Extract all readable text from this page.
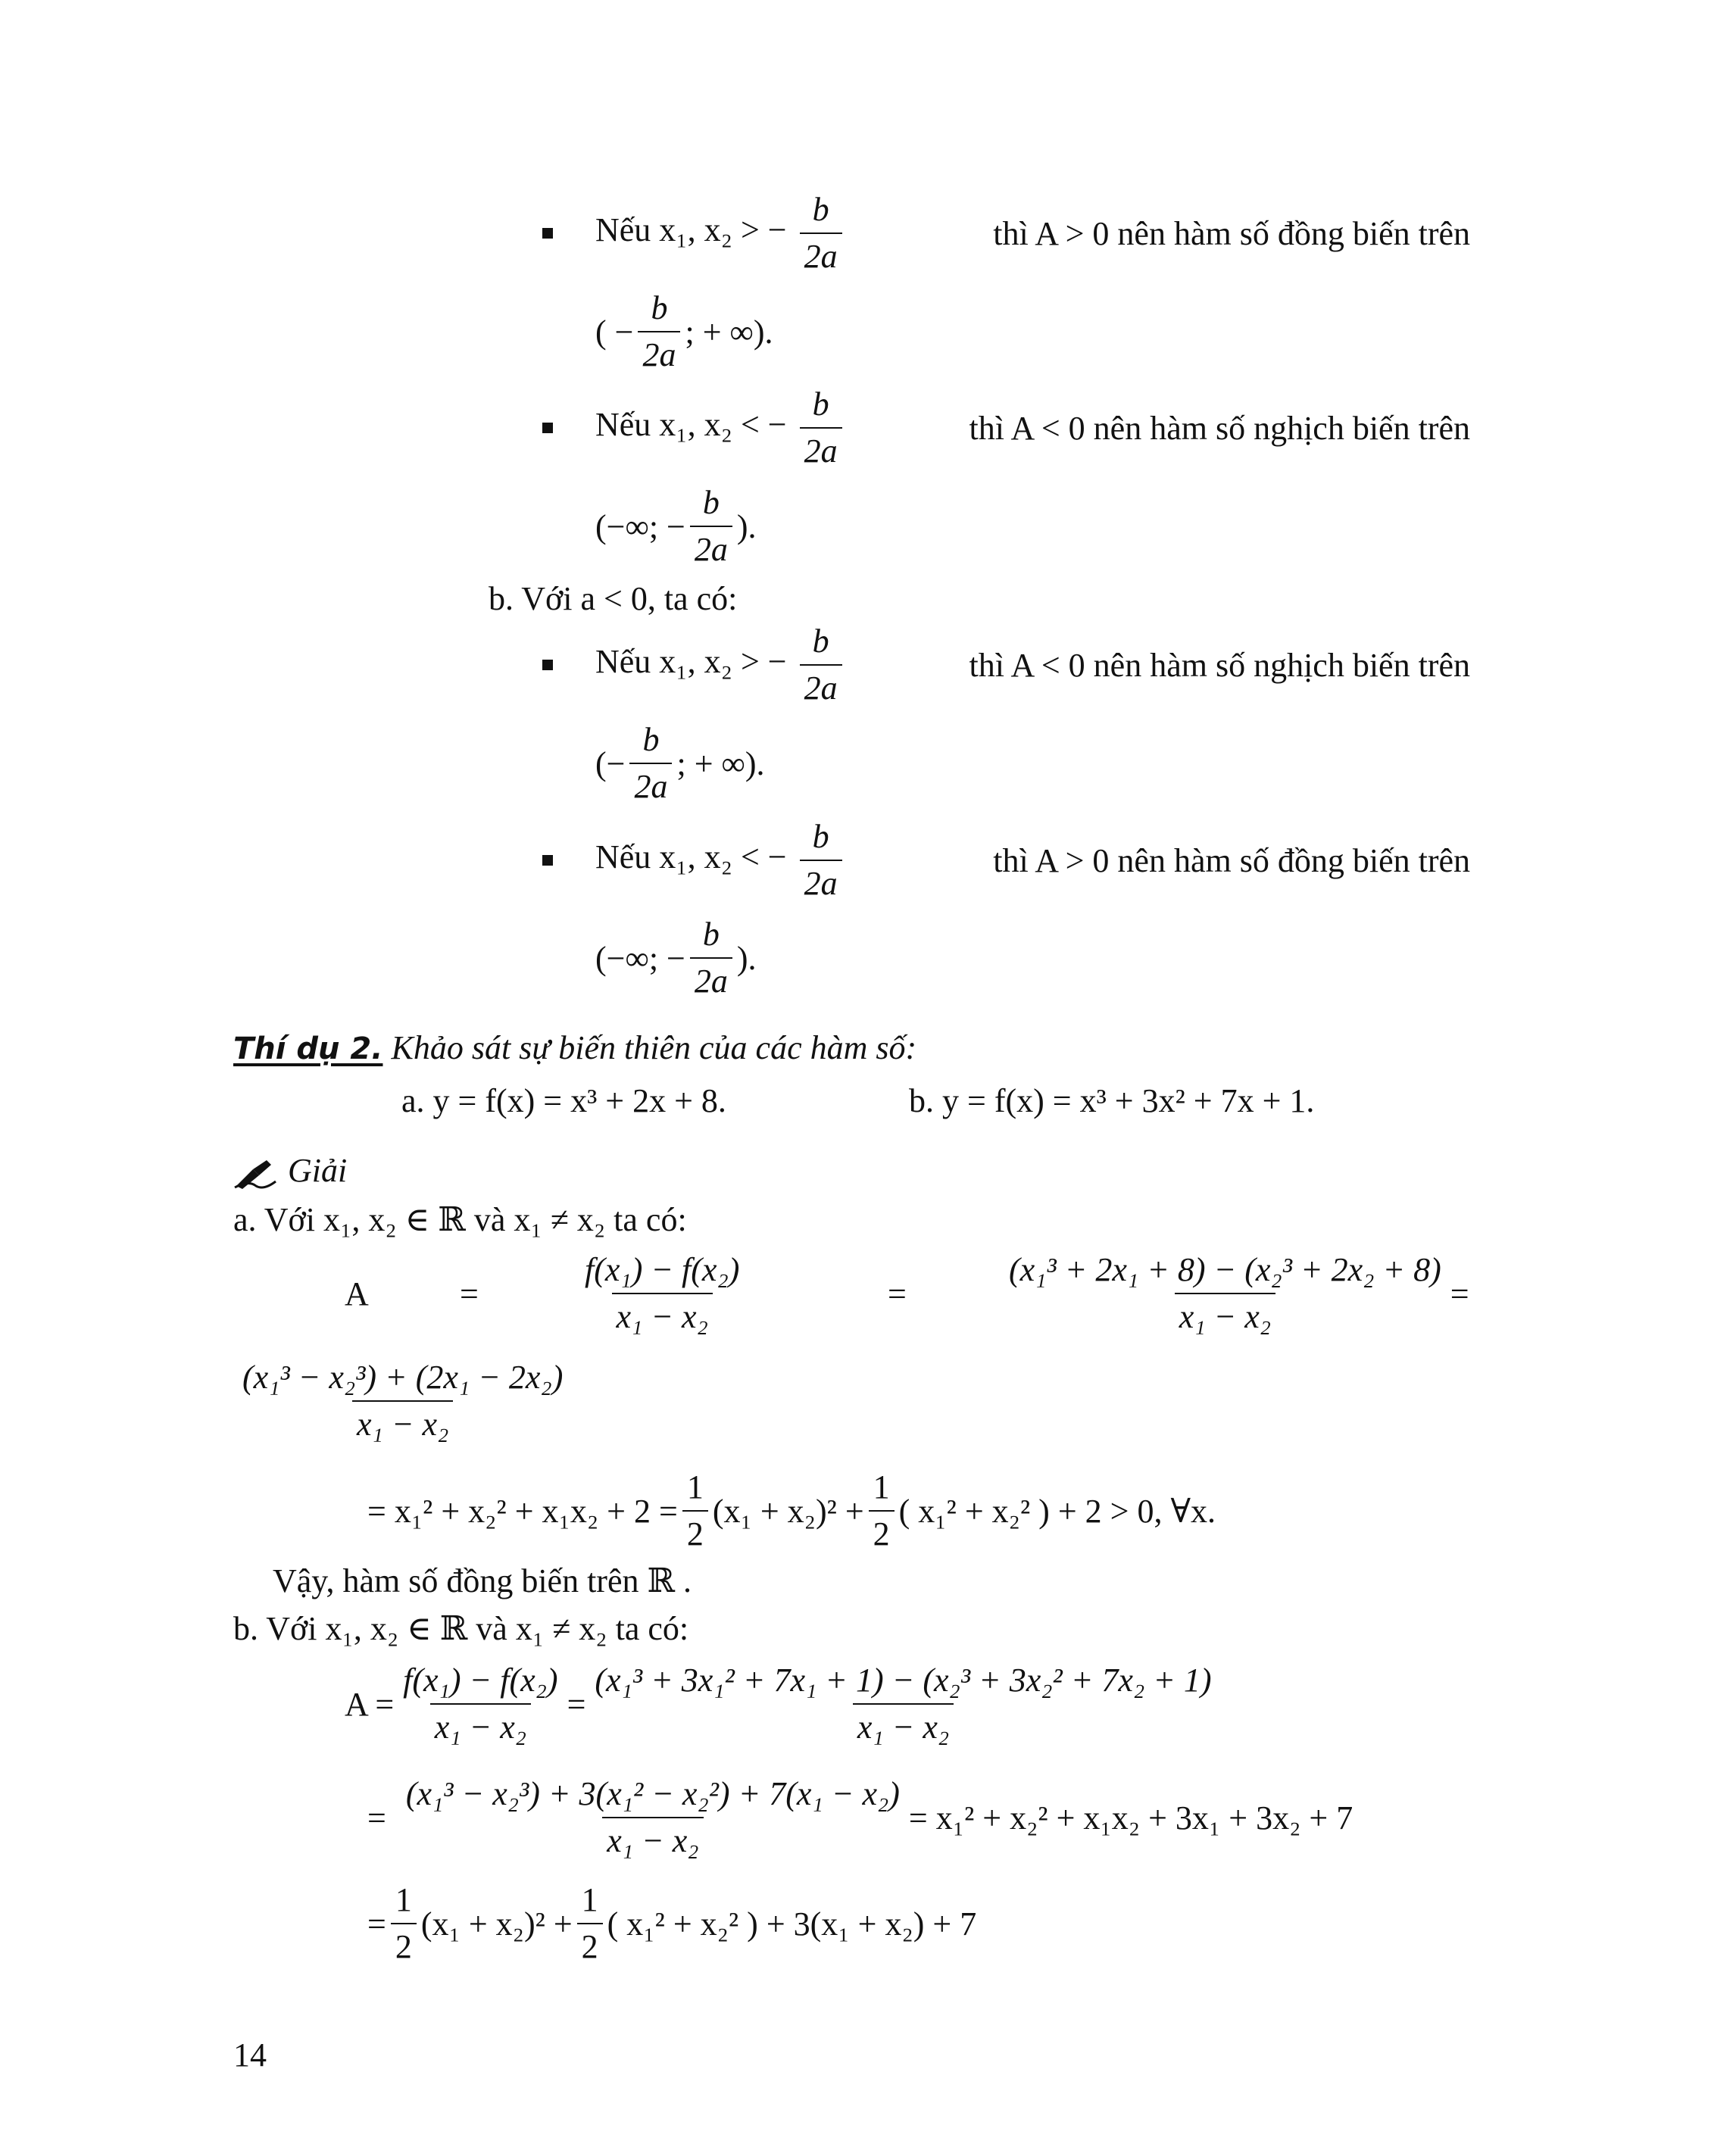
Nếu x₁, x₂ > − $\frac{b}{2a}$	thì A > 0 nên hàm số đồng biến trên
( − $\frac{b}{2a}$ ; + ∞).
Nếu x₁, x₂ < − $\frac{b}{2a}$	thì A < 0 nên hàm số nghịch biến trên
(−∞; − $\frac{b}{2a}$ ).
b. Với a < 0, ta có:
Nếu x₁, x₂ > − $\frac{b}{2a}$	thì A < 0 nên hàm số nghịch biến trên
(− $\frac{b}{2a}$ ; + ∞).
Nếu x₁, x₂ < − $\frac{b}{2a}$	thì A > 0 nên hàm số đồng biến trên
(−∞; − $\frac{b}{2a}$ ).
Thí dụ 2. Khảo sát sự biến thiên của các hàm số:
a. y = f(x) = x³ + 2x + 8.	b. y = f(x) = x³ + 3x² + 7x + 1.
Giải
a. Với x₁, x₂ ∈ ℝ và x₁ ≠ x₂ ta có:
A	=	$\frac{\text{f(x₁) − f(x₂)}}{\text{x₁ − x₂}}$	=	$\frac{\text{(x₁³ + 2x₁ + 8) − (x₂³ + 2x₂ + 8)}}{\text{x₁ − x₂}}$ =
$\frac{\text{(x₁³ − x₂³) + (2x₁ − 2x₂)}}{\text{x₁ − x₂}}$
= $x_1^2 + x_2^2 + x_1x_2 + 2 = \frac{1}{2} (x_1 + x_2)^2 + \frac{1}{2}$ ( x₁² + x₂² ) + 2 > 0, ∀x.
Vậy, hàm số đồng biến trên ℝ .
b. Với x₁, x₂ ∈ ℝ và x₁ ≠ x₂ ta có:
$A = \frac{\text{f(x₁) − f(x₂)}}{\text{x₁ − x₂}} = \frac{\text{(x₁³ + 3x₁² + 7x₁ + 1) − (x₂³ + 3x₂² + 7x₂ + 1)}}{\text{x₁ − x₂}}$
= $\frac{\text{(x₁³ − x₂³) + 3(x₁² − x₂²) + 7(x₁ − x₂)}}{\text{x₁ − x₂}} = x_1^2 + x_2^2 + x_1x_2 + 3x_1 + 3x_2 + 7$
= $\frac{1}{2} (x_1 + x_2)^2 + \frac{1}{2}$ ( x₁² + x₂² ) + 3(x₁ + x₂) + 7
14
